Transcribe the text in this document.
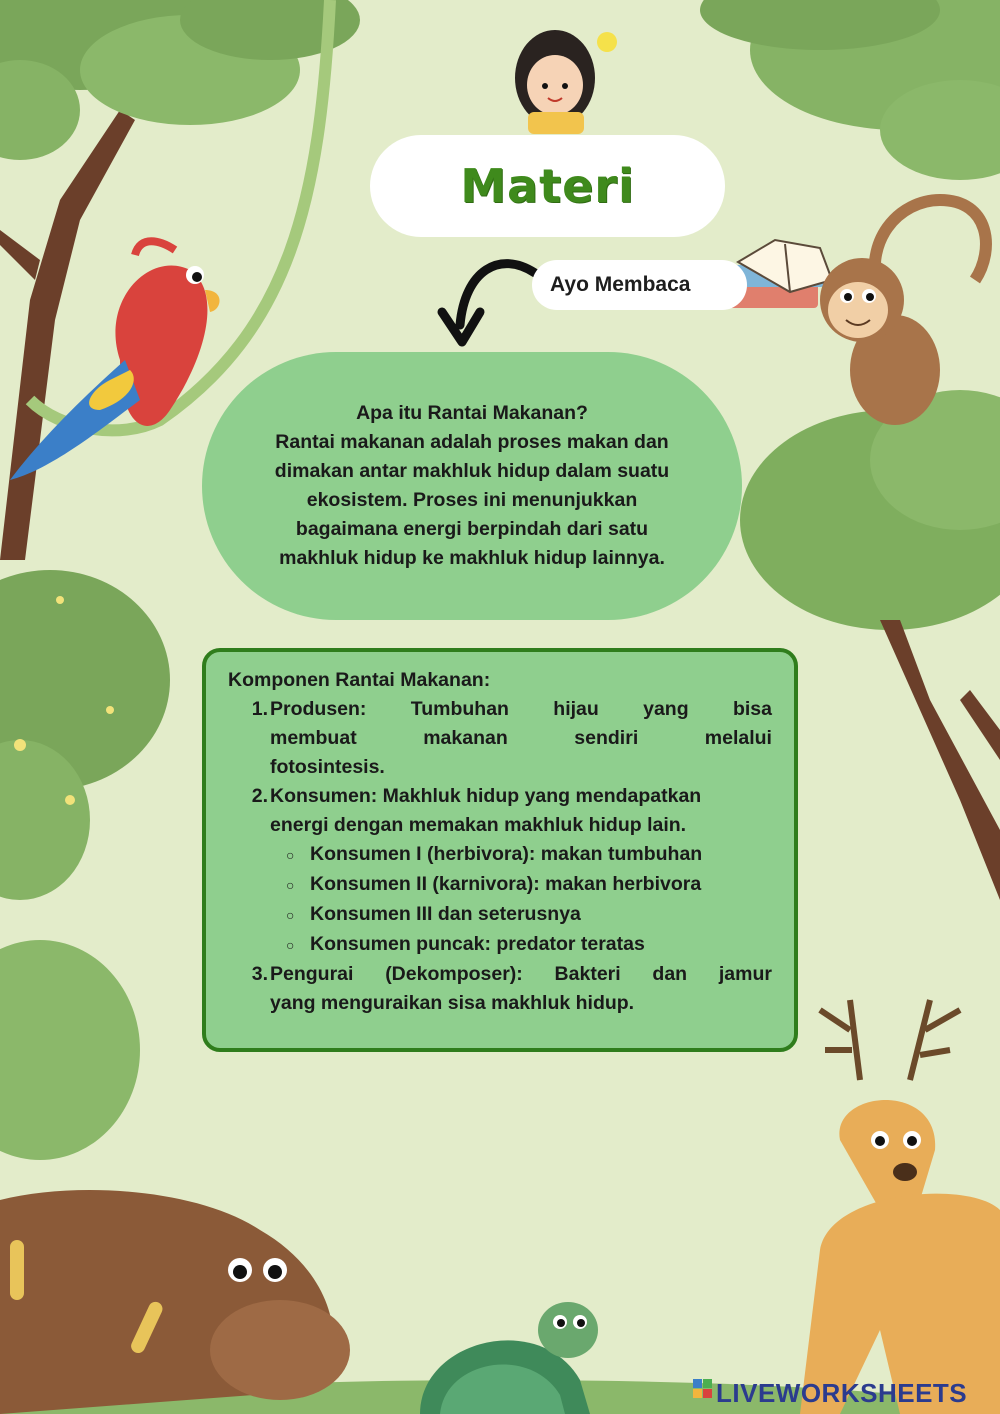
Materi
Ayo Membaca

Apa itu Rantai Makanan?

Rantai makanan adalah proses makan dan

dimakan antar makhluk hidup dalam suatu

ekosistem. Proses ini menunjukkan

bagaimana energi berpindah dari satu

makhluk hidup ke makhluk hidup lainnya.

Komponen Rantai Makanan:
1. Produsen: Tumbuhan hijau yang bisa
membuat	makanan	sendiri	melalui
fotosintesis.
2. Konsumen: Makhluk hidup yang mendapatkan
energi dengan memakan makhluk hidup lain.
○ Konsumen I (herbivora): makan tumbuhan
○ Konsumen II (karnivora): makan herbivora
○ Konsumen III dan seterusnya
○ Konsumen puncak: predator teratas
3. Pengurai (Dekomposer): Bakteri dan jamur
yang menguraikan sisa makhluk hidup.
LIVEWORKSHEETS
